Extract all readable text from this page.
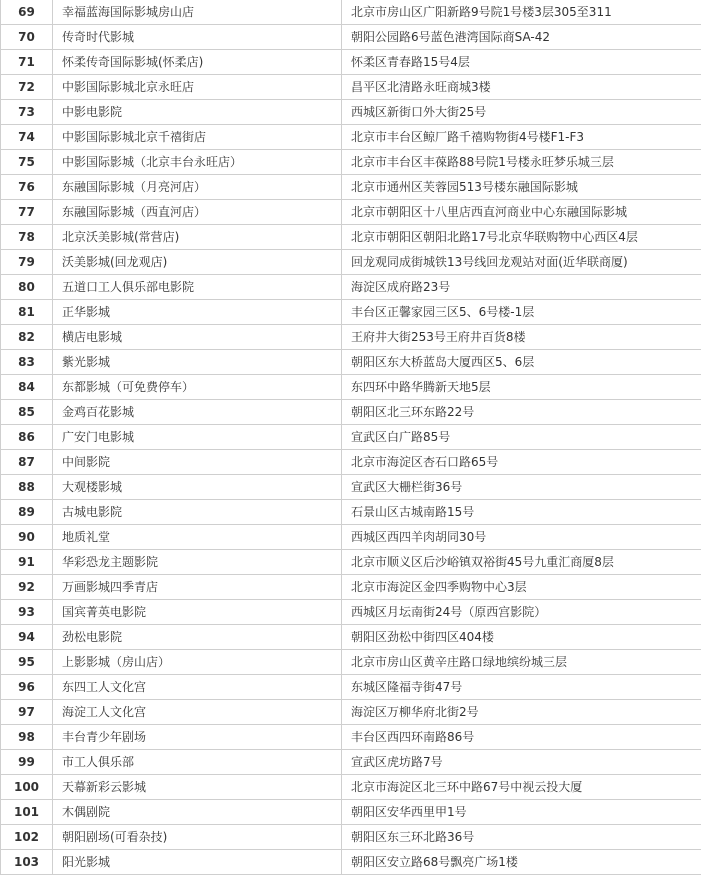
69	幸福蓝海国际影城房山店	北京市房山区广阳新路9号院1号楼3层305至311
70	传奇时代影城	朝阳公园路6号蓝色港湾国际商SA-42
71	怀柔传奇国际影城(怀柔店)	怀柔区青春路15号4层
72	中影国际影城北京永旺店	昌平区北清路永旺商城3楼
73	中影电影院	西城区新街口外大街25号
74	中影国际影城北京千禧街店	北京市丰台区鲸厂路千禧购物街4号楼F1-F3
75	中影国际影城（北京丰台永旺店）	北京市丰台区丰葆路88号院1号楼永旺梦乐城三层
76	东融国际影城（月亮河店）	北京市通州区芙蓉园513号楼东融国际影城
77	东融国际影城（西直河店）	北京市朝阳区十八里店西直河商业中心东融国际影城
78	北京沃美影城(常营店)	北京市朝阳区朝阳北路17号北京华联购物中心西区4层
79	沃美影城(回龙观店)	回龙观同成街城铁13号线回龙观站对面(近华联商厦)
80	五道口工人俱乐部电影院	海淀区成府路23号
81	正华影城	丰台区正馨家园三区5、6号楼-1层
82	横店电影城	王府井大街253号王府井百货8楼
83	紫光影城	朝阳区东大桥蓝岛大厦西区5、6层
84	东都影城（可免费停车）	东四环中路华腾新天地5层
85	金鸡百花影城	朝阳区北三环东路22号
86	广安门电影城	宣武区白广路85号
87	中间影院	北京市海淀区杏石口路65号
88	大观楼影城	宣武区大栅栏街36号
89	古城电影院	石景山区古城南路15号
90	地质礼堂	西城区西四羊肉胡同30号
91	华彩恐龙主题影院	北京市顺义区后沙峪镇双裕街45号九重汇商厦8层
92	万画影城四季青店	北京市海淀区金四季购物中心3层
93	国宾菁英电影院	西城区月坛南街24号（原西宫影院）
94	劲松电影院	朝阳区劲松中街四区404楼
95	上影影城（房山店）	北京市房山区黄辛庄路口绿地缤纷城三层
96	东四工人文化宫	东城区隆福寺街47号
97	海淀工人文化宫	海淀区万柳华府北街2号
98	丰台青少年剧场	丰台区西四环南路86号
99	市工人俱乐部	宣武区虎坊路7号
100	天幕新彩云影城	北京市海淀区北三环中路67号中视云投大厦
101	木偶剧院	朝阳区安华西里甲1号
102	朝阳剧场(可看杂技)	朝阳区东三环北路36号
103	阳光影城	朝阳区安立路68号飘亮广场1楼
